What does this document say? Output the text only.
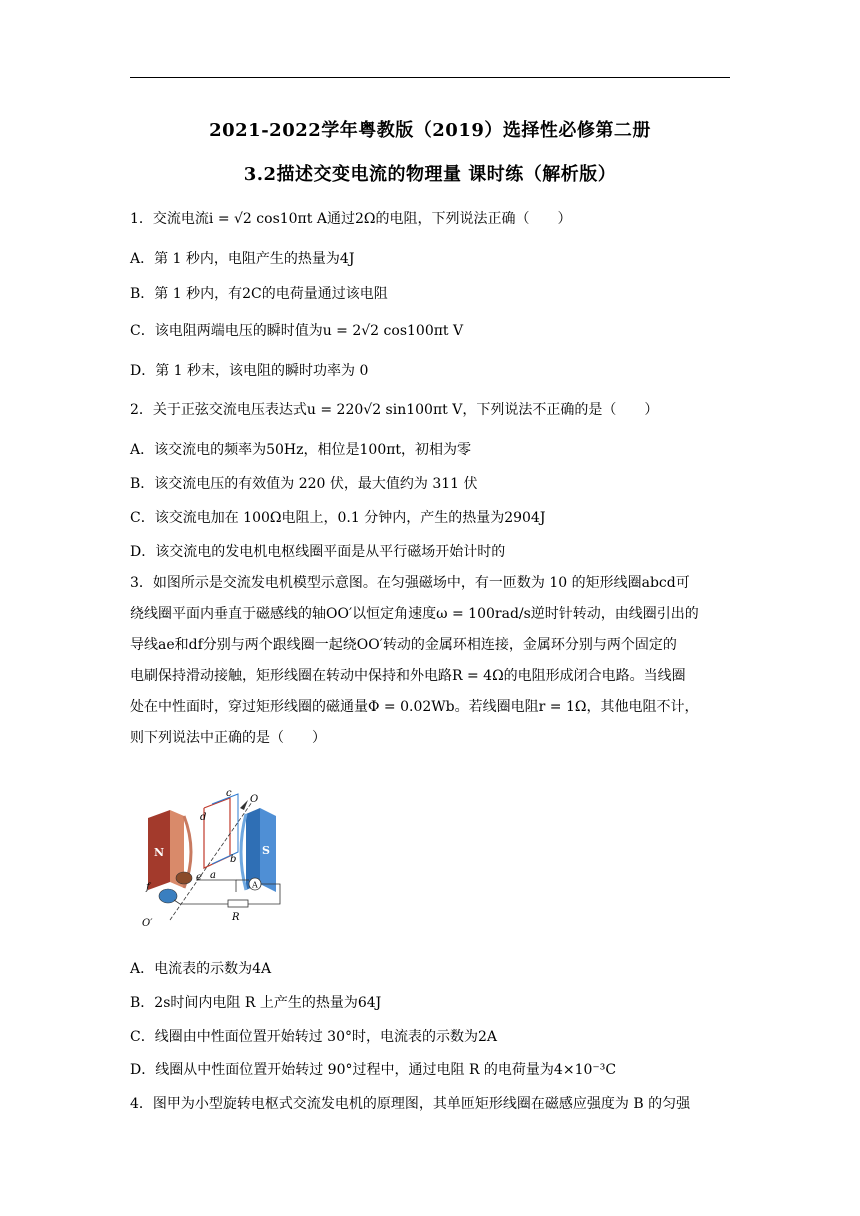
2021-2022学年粤教版（2019）选择性必修第二册
3.2描述交变电流的物理量 课时练（解析版）
1．交流电流i = √2 cos10πt A通过2Ω的电阻，下列说法正确（　　）
A．第 1 秒内，电阻产生的热量为4J
B．第 1 秒内，有2C的电荷量通过该电阻
C．该电阻两端电压的瞬时值为u = 2√2 cos100πt V
D．第 1 秒末，该电阻的瞬时功率为 0
2．关于正弦交流电压表达式u = 220√2 sin100πt V，下列说法不正确的是（　　）
A．该交流电的频率为50Hz，相位是100πt，初相为零
B．该交流电压的有效值为 220 伏，最大值约为 311 伏
C．该交流电加在 100Ω电阻上，0.1 分钟内，产生的热量为2904J
D．该交流电的发电机电枢线圈平面是从平行磁场开始计时的
3．如图所示是交流发电机模型示意图。在匀强磁场中，有一匝数为 10 的矩形线圈abcd可
绕线圈平面内垂直于磁感线的轴OO′以恒定角速度ω = 100rad/s逆时针转动，由线圈引出的
导线ae和df分别与两个跟线圈一起绕OO′转动的金属环相连接，金属环分别与两个固定的
电刷保持滑动接触，矩形线圈在转动中保持和外电路R = 4Ω的电阻形成闭合电路。当线圈
处在中性面时，穿过矩形线圈的磁通量Φ = 0.02Wb。若线圈电阻r = 1Ω，其他电阻不计，
则下列说法中正确的是（　　）
N	S
A
c
d
O
b
e a
f
R
O′
A．电流表的示数为4A
B．2s时间内电阻 R 上产生的热量为64J
C．线圈由中性面位置开始转过 30°时，电流表的示数为2A
D．线圈从中性面位置开始转过 90°过程中，通过电阻 R 的电荷量为4×10⁻³C
4．图甲为小型旋转电枢式交流发电机的原理图，其单匝矩形线圈在磁感应强度为 B 的匀强
